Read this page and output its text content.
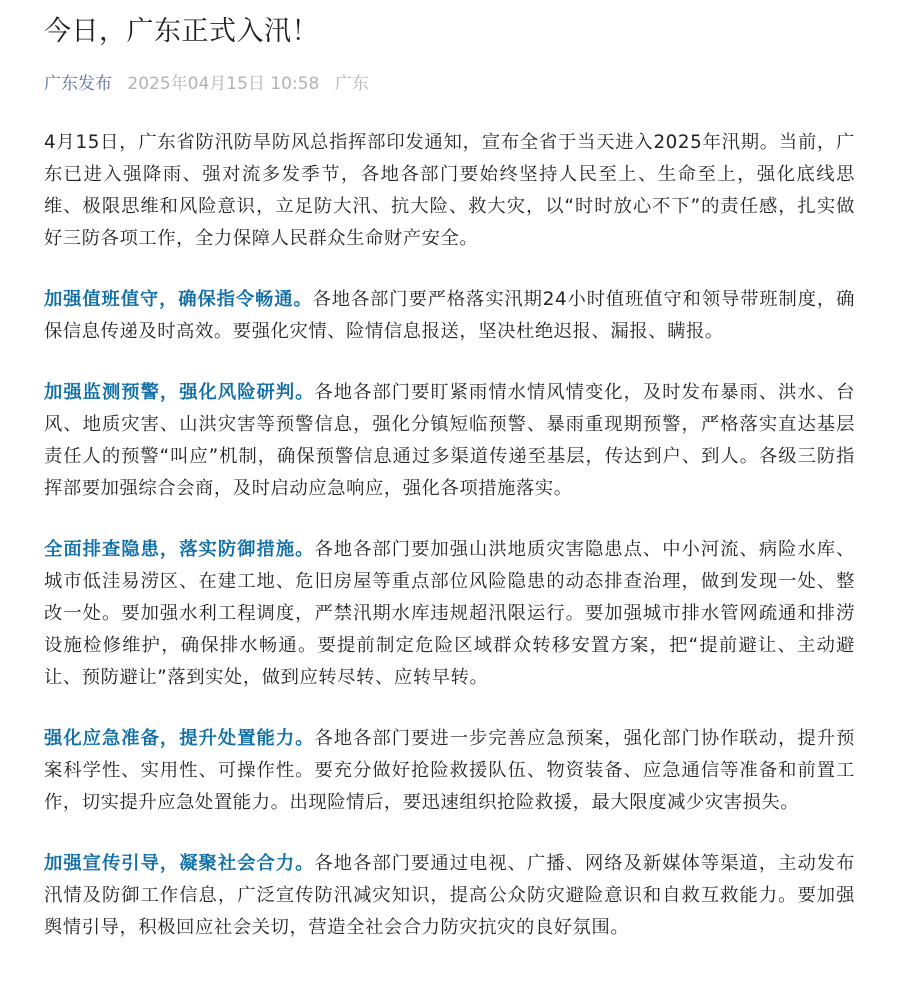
今日，广东正式入汛！
广东发布 2025年04月15日 10:58 广东

4月15日，广东省防汛防旱防风总指挥部印发通知，宣布全省于当天进入2025年汛期。当前，广东已进入强降雨、强对流多发季节，各地各部门要始终坚持人民至上、生命至上，强化底线思维、极限思维和风险意识，立足防大汛、抗大险、救大灾，以“时时放心不下”的责任感，扎实做好三防各项工作，全力保障人民群众生命财产安全。

加强值班值守，确保指令畅通。各地各部门要严格落实汛期24小时值班值守和领导带班制度，确保信息传递及时高效。要强化灾情、险情信息报送，坚决杜绝迟报、漏报、瞒报。

加强监测预警，强化风险研判。各地各部门要盯紧雨情水情风情变化，及时发布暴雨、洪水、台风、地质灾害、山洪灾害等预警信息，强化分镇短临预警、暴雨重现期预警，严格落实直达基层责任人的预警“叫应”机制，确保预警信息通过多渠道传递至基层，传达到户、到人。各级三防指挥部要加强综合会商，及时启动应急响应，强化各项措施落实。

全面排查隐患，落实防御措施。各地各部门要加强山洪地质灾害隐患点、中小河流、病险水库、城市低洼易涝区、在建工地、危旧房屋等重点部位风险隐患的动态排查治理，做到发现一处、整改一处。要加强水利工程调度，严禁汛期水库违规超汛限运行。要加强城市排水管网疏通和排涝设施检修维护，确保排水畅通。要提前制定危险区域群众转移安置方案，把“提前避让、主动避让、预防避让”落到实处，做到应转尽转、应转早转。

强化应急准备，提升处置能力。各地各部门要进一步完善应急预案，强化部门协作联动，提升预案科学性、实用性、可操作性。要充分做好抢险救援队伍、物资装备、应急通信等准备和前置工作，切实提升应急处置能力。出现险情后，要迅速组织抢险救援，最大限度减少灾害损失。

加强宣传引导，凝聚社会合力。各地各部门要通过电视、广播、网络及新媒体等渠道，主动发布汛情及防御工作信息，广泛宣传防汛减灾知识，提高公众防灾避险意识和自救互救能力。要加强舆情引导，积极回应社会关切，营造全社会合力防灾抗灾的良好氛围。
